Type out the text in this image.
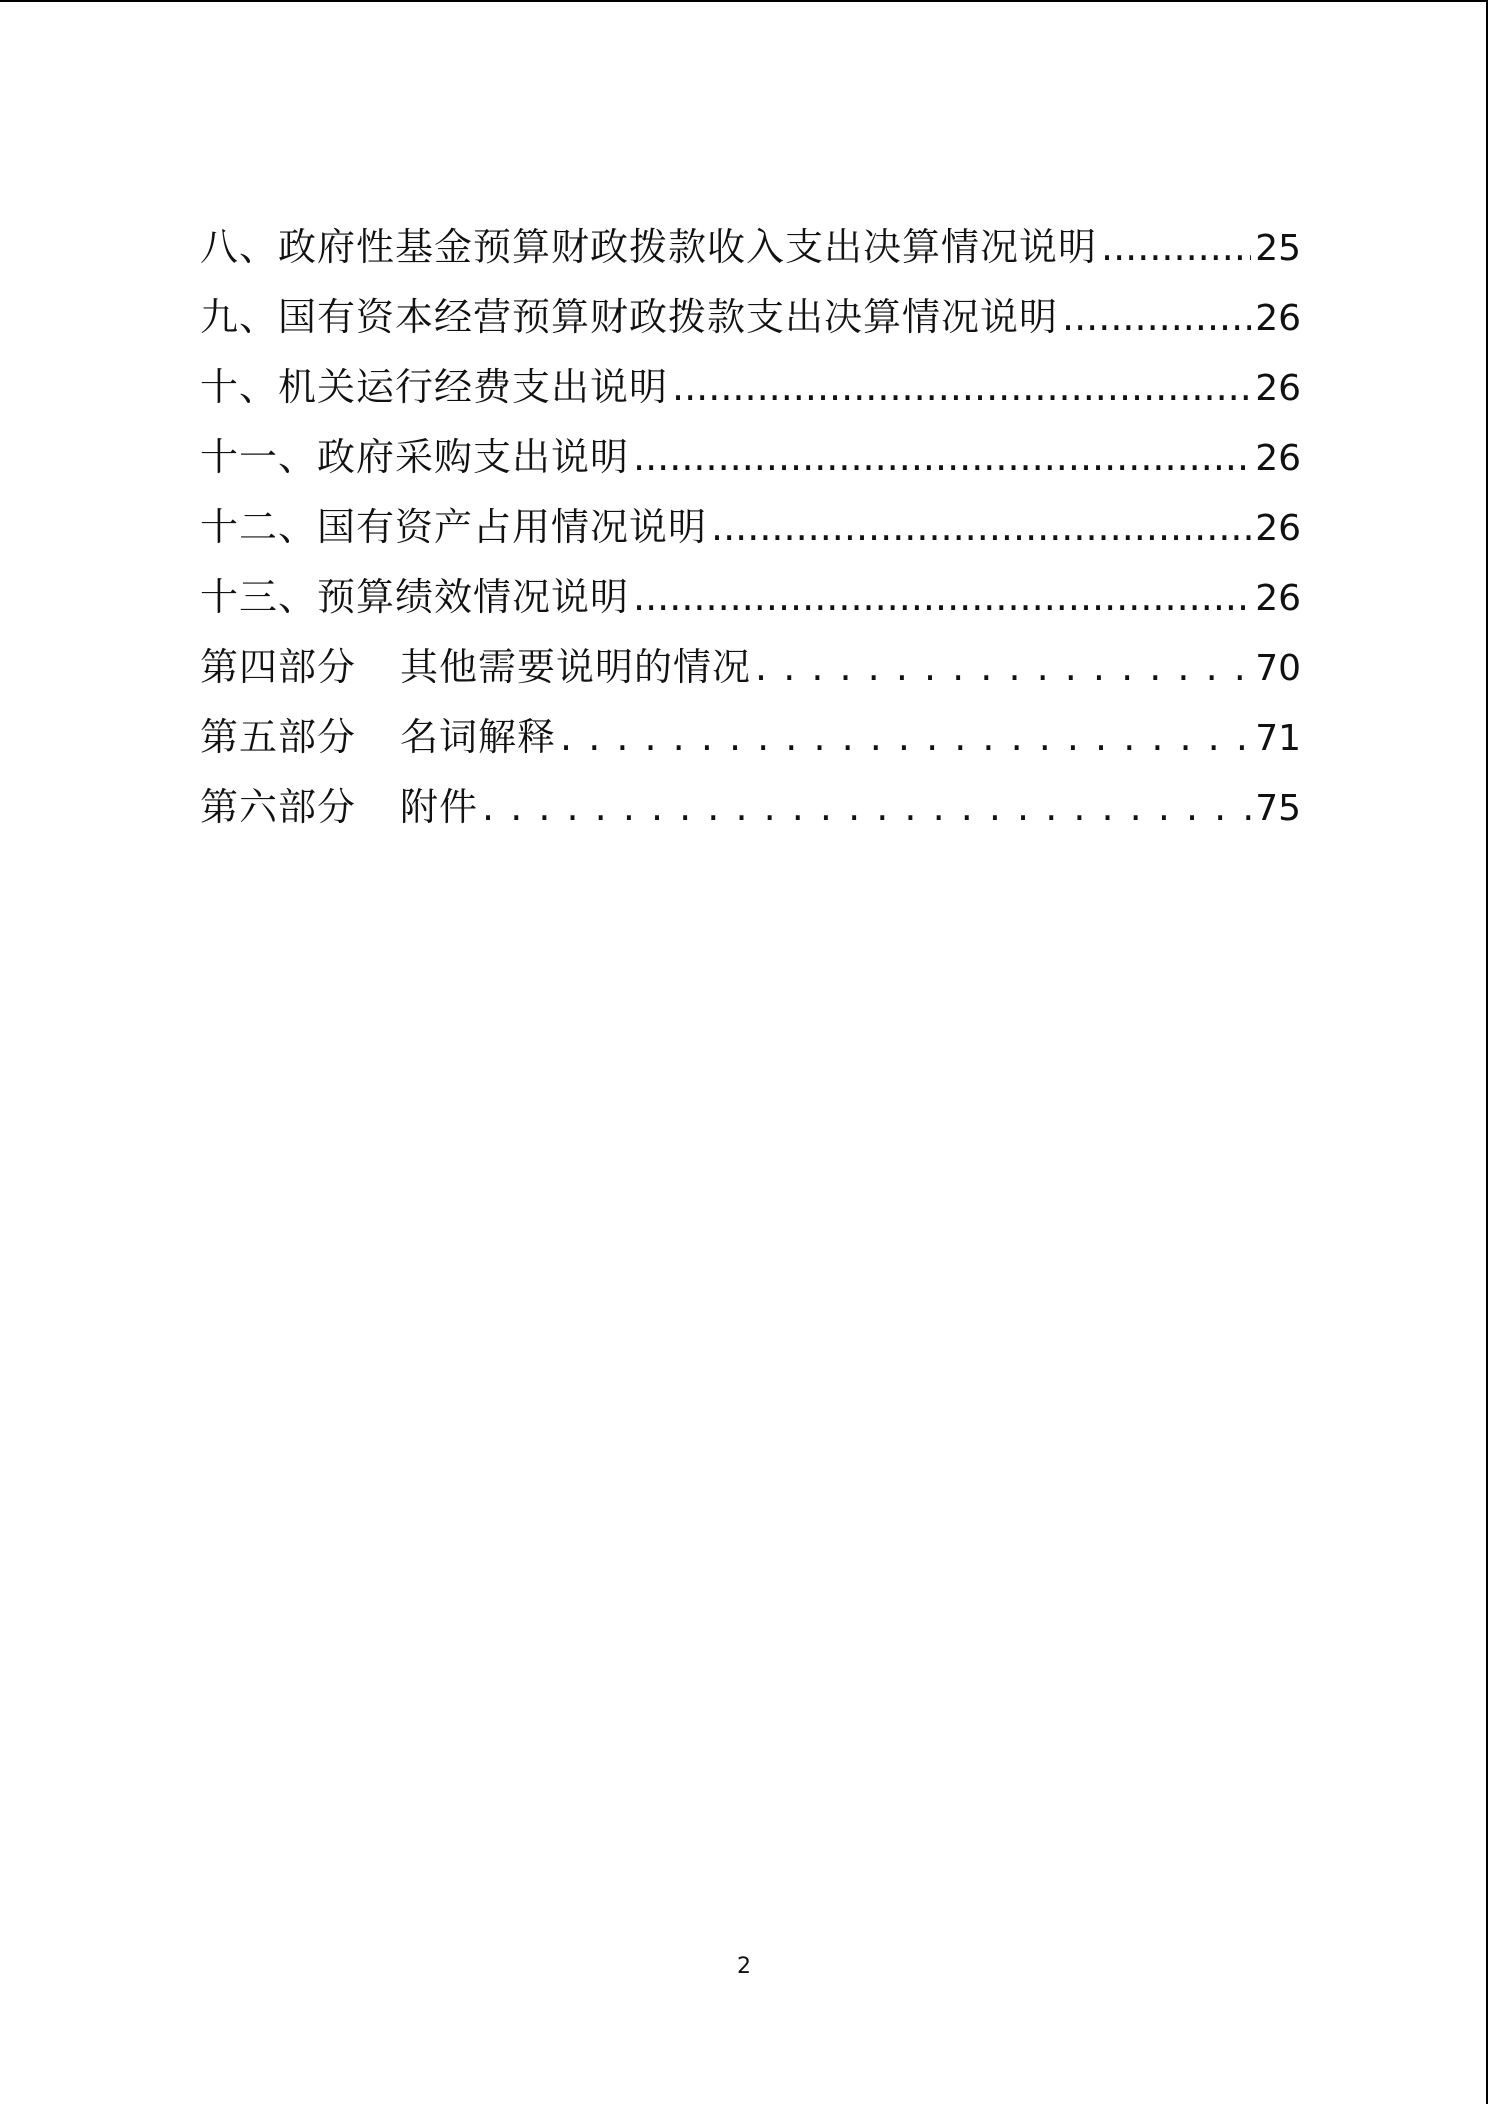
八、政府性基金预算财政拨款收入支出决算情况说明 .....	25
九、国有资本经营预算财政拨款支出决算情况说明 .....	26
十、机关运行经费支出说明 .....	26
十一、政府采购支出说明 .....	26
十二、国有资产占用情况说明 .....	26
十三、预算绩效情况说明 .....	26
第四部分 其他需要说明的情况 . . .	70
第五部分 名词解释 . . .	71
第六部分 附件 . . .	75
2
